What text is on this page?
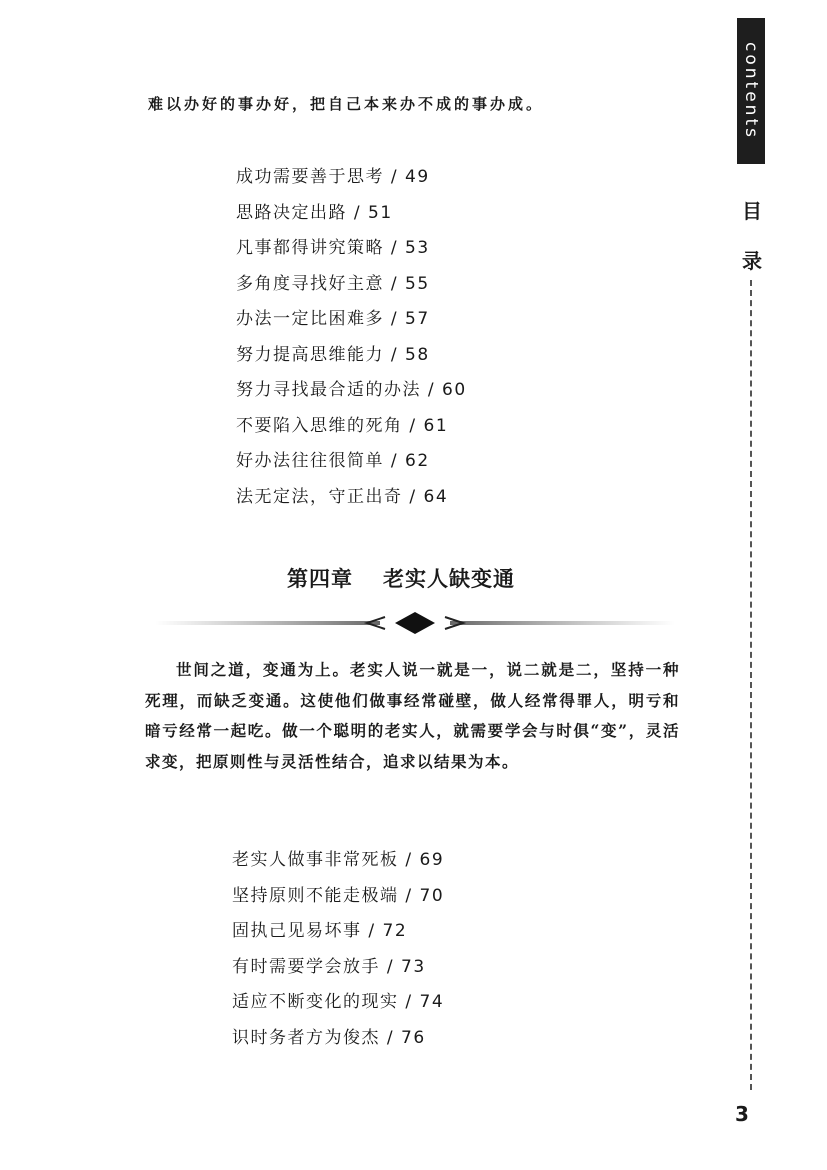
contents
目
录
难以办好的事办好，把自己本来办不成的事办成。
成功需要善于思考 / 49
思路决定出路 / 51
凡事都得讲究策略 / 53
多角度寻找好主意 / 55
办法一定比困难多 / 57
努力提高思维能力 / 58
努力寻找最合适的办法 / 60
不要陷入思维的死角 / 61
好办法往往很简单 / 62
法无定法，守正出奇 / 64
第四章 老实人缺变通

世间之道，变通为上。老实人说一就是一，说二就是二，坚持一种死理，而缺乏变通。这使他们做事经常碰壁，做人经常得罪人，明亏和暗亏经常一起吃。做一个聪明的老实人，就需要学会与时俱“变”，灵活求变，把原则性与灵活性结合，追求以结果为本。

老实人做事非常死板 / 69
坚持原则不能走极端 / 70
固执己见易坏事 / 72
有时需要学会放手 / 73
适应不断变化的现实 / 74
识时务者方为俊杰 / 76
3
